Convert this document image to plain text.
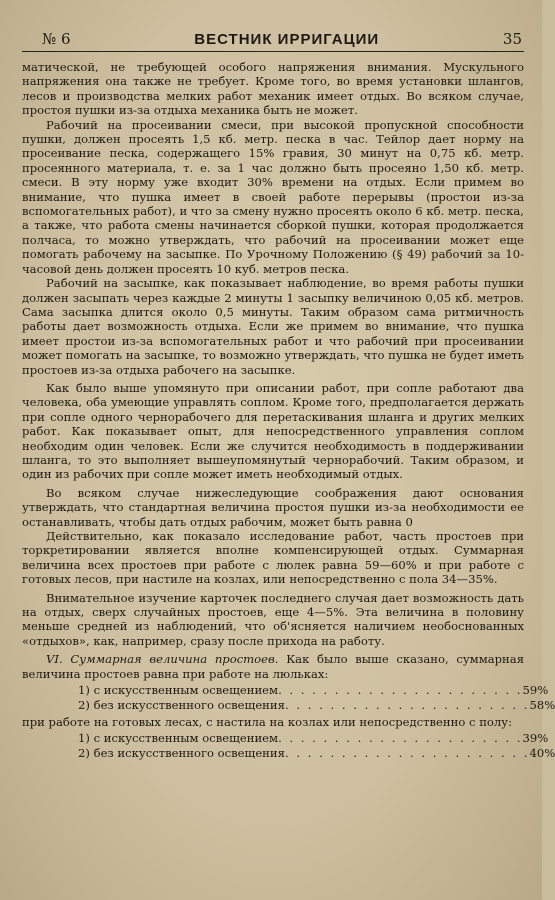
№ 6	ВЕСТНИК ИРРИГАЦИИ	35

матической, не требующей особого напряжения внимания. Мускульного напряжения она также не требует. Кроме того, во время установки шлангов, лесов и производства мелких работ механик имеет отдых. Во всяком случае, простоя пушки из-за отдыха механика быть не может.

Рабочий на просеивании смеси, при высокой пропускной способности пушки, должен просеять 1,5 кб. метр. песка в час. Тейлор дает норму на просеивание песка, содержащего 15% гравия, 30 минут на 0,75 кб. метр. просеянного материала, т. е. за 1 час должно быть просеяно 1,50 кб. метр. смеси. В эту норму уже входит 30% времени на отдых. Если примем во внимание, что пушка имеет в своей работе перерывы (простои из-за вспомогательных работ), и что за смену нужно просеять около 6 кб. метр. песка, а также, что работа смены начинается сборкой пушки, которая продолжается полчаса, то можно утверждать, что рабочий на просеивании может еще помогать рабочему на засыпке. По Урочному Положению (§ 49) рабочий за 10-часовой день должен просеять 10 куб. метров песка.

Рабочий на засыпке, как показывает наблюдение, во время работы пушки должен засыпать через каждые 2 минуты 1 засыпку величиною 0,05 кб. метров. Сама засыпка длится около 0,5 минуты. Таким образом сама ритмичность работы дает возможность отдыха. Если же примем во внимание, что пушка имеет простои из-за вспомогательных работ и что рабочий при просеивании может помогать на засыпке, то возможно утверждать, что пушка не будет иметь простоев из-за отдыха рабочего на засыпке.

Как было выше упомянуто при описании работ, при сопле работают два человека, оба умеющие управлять соплом. Кроме того, предполагается держать при сопле одного чернорабочего для перетаскивания шланга и других мелких работ. Как показывает опыт, для непосредственного управления соплом необходим один человек. Если же случится необходимость в поддерживании шланга, то это выполняет вышеупомянутый чернорабочий. Таким образом, и один из рабочих при сопле может иметь необходимый отдых.

Во всяком случае нижеследующие соображения дают основания утверждать, что стандартная величина простоя пушки из-за необходимости ее останавливать, чтобы дать отдых рабочим, может быть равна 0

Действительно, как показало исследование работ, часть простоев при торкретировании является вполне компенсирующей отдых. Суммарная величина всех простоев при работе с люлек равна 59—60% и при работе с готовых лесов, при настиле на козлах, или непосредственно с пола 34—35%.

Внимательное изучение карточек последнего случая дает возможность дать на отдых, сверх случайных простоев, еще 4—5%. Эта величина в половину меньше средней из наблюдений, что об'ясняется наличием необоснованных «отдыхов», как, например, сразу после прихода на работу.

VI. Суммарная величина простоев. Как было выше сказано, суммарная величина простоев равна при работе на люльках:

1) с искусственным освещением . . . . . . . . . . . . . . . . . . . . . . 59%
2) без искусственного освещения . . . . . . . . . . . . . . . . . . . . . . 58%

при работе на готовых лесах, с настила на козлах или непосредственно с полу:

1) с искусственным освещением . . . . . . . . . . . . . . . . . . . . . . 39%
2) без искусственного освещения . . . . . . . . . . . . . . . . . . . . . . 40%
